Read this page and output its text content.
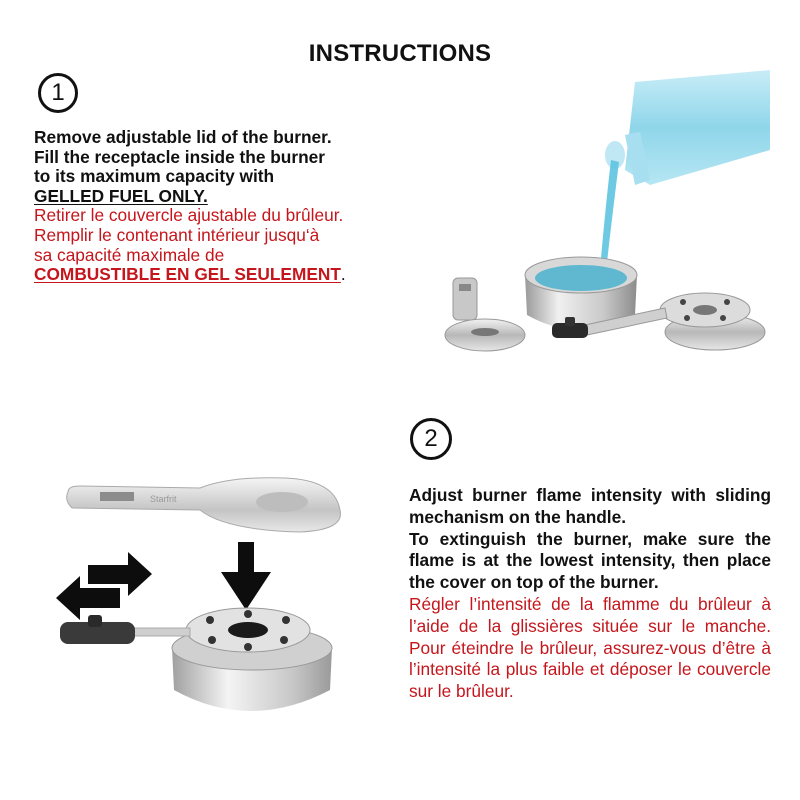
INSTRUCTIONS
1
Remove adjustable lid of the burner.
Fill the receptacle inside the burner
to its maximum capacity with
GELLED FUEL ONLY.
Retirer le couvercle ajustable du brûleur.
Remplir le contenant intérieur jusqu‘à
sa capacité maximale de
COMBUSTIBLE EN GEL SEULEMENT.
2

Adjust burner flame intensity with sliding mechanism on the handle.

To extinguish the burner, make sure the flame is at the lowest intensity, then place the cover on top of the burner.

Régler l’intensité de la flamme du brûleur à l’aide de la glissières située sur le manche. Pour éteindre le brûleur, assurez-vous d’être à l’intensité la plus faible et déposer le couvercle sur le brûleur.

Starfrit
